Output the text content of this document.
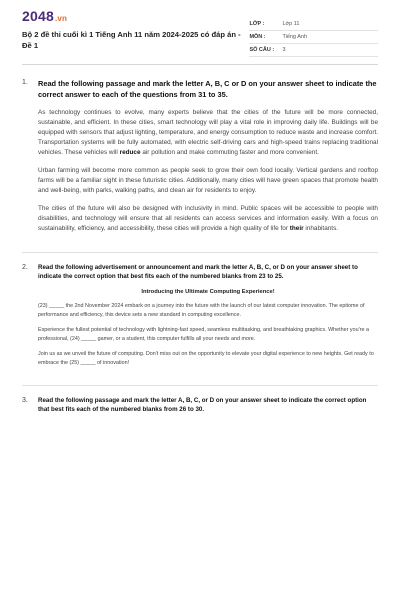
2048.vn
Bộ 2 đề thi cuối kì 1 Tiếng Anh 11 năm 2024-2025 có đáp án - Đề 1
LỚP :	Lớp 11
MÔN :	Tiếng Anh
SỐ CÂU :	3
1.	Read the following passage and mark the letter A, B, C or D on your answer sheet to indicate the correct answer to each of the questions from 31 to 35.

As technology continues to evolve, many experts believe that the cities of the future will be more connected, sustainable, and efficient. In these cities, smart technology will play a vital role in improving daily life. Buildings will be equipped with sensors that adjust lighting, temperature, and energy consumption to reduce waste and increase comfort. Transportation systems will be fully automated, with electric self-driving cars and high-speed trains replacing traditional vehicles. These vehicles will reduce air pollution and make commuting faster and more convenient.

Urban farming will become more common as people seek to grow their own food locally. Vertical gardens and rooftop farms will be a familiar sight in these futuristic cities. Additionally, many cities will have green spaces that promote health and well-being, with parks, walking paths, and clean air for residents to enjoy.

The cities of the future will also be designed with inclusivity in mind. Public spaces will be accessible to people with disabilities, and technology will ensure that all residents can access services and information easily. With a focus on sustainability, efficiency, and accessibility, these cities will provide a high quality of life for their inhabitants.

2.	Read the following advertisement or announcement and mark the letter A, B, C, or D on your answer sheet to indicate the correct option that best fits each of the numbered blanks from 23 to 25.

Introducing the Ultimate Computing Experience!

(23) _____ the 2nd November 2024 embark on a journey into the future with the launch of our latest computer innovation. The epitome of performance and efficiency, this device sets a new standard in computing excellence.

Experience the fullest potential of technology with lightning-fast speed, seamless multitasking, and breathtaking graphics. Whether you're a professional, (24) _____ gamer, or a student, this computer fulfills all your needs and more.

Join us as we unveil the future of computing. Don't miss out on the opportunity to elevate your digital experience to new heights. Get ready to embrace the (25) _____ of innovation!

3.	Read the following passage and mark the letter A, B, C, or D on your answer sheet to indicate the correct option that best fits each of the numbered blanks from 26 to 30.
